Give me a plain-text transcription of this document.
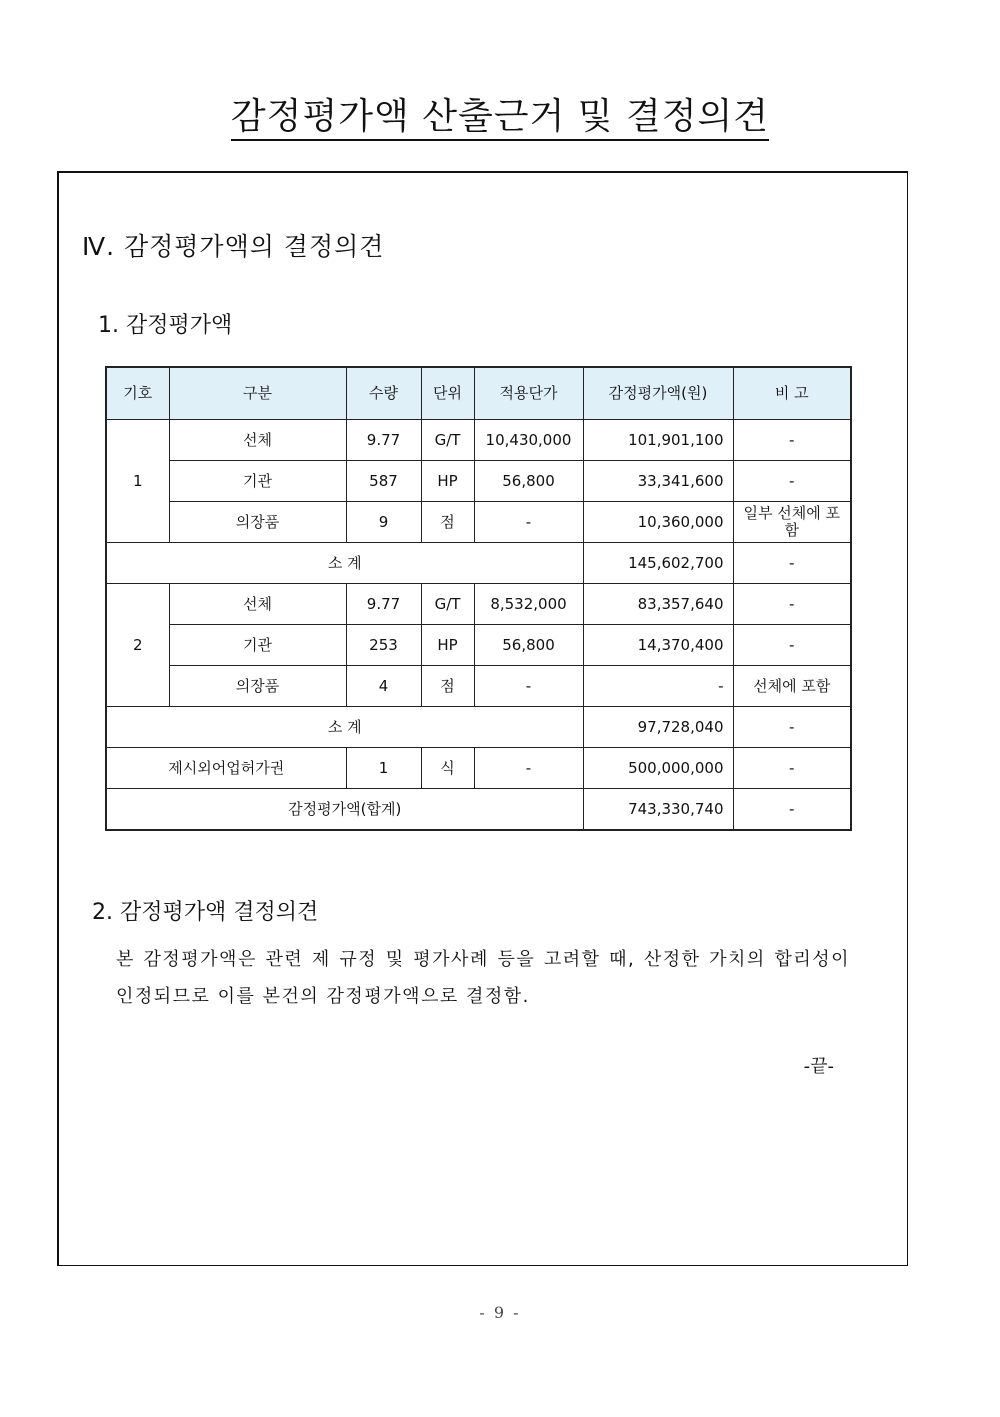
감정평가액 산출근거 및 결정의견
Ⅳ. 감정평가액의 결정의견
1. 감정평가액
기호	구분	수량	단위	적용단가	감정평가액(원)	비 고
1	선체	9.77	G/T	10,430,000	101,901,100	-
	기관	587	HP	56,800	33,341,600	-
	의장품	9	점	-	10,360,000	일부 선체에 포함
소 계					145,602,700	-
2	선체	9.77	G/T	8,532,000	83,357,640	-
	기관	253	HP	56,800	14,370,400	-
	의장품	4	점	-	-	선체에 포함
소 계					97,728,040	-
제시외어업허가권		1	식	-	500,000,000	-
감정평가액(합계)					743,330,740	-
2. 감정평가액 결정의견
본 감정평가액은 관련 제 규정 및 평가사례 등을 고려할 때, 산정한 가치의 합리성이 인정되므로 이를 본건의 감정평가액으로 결정함.
-끝-
- 9 -
